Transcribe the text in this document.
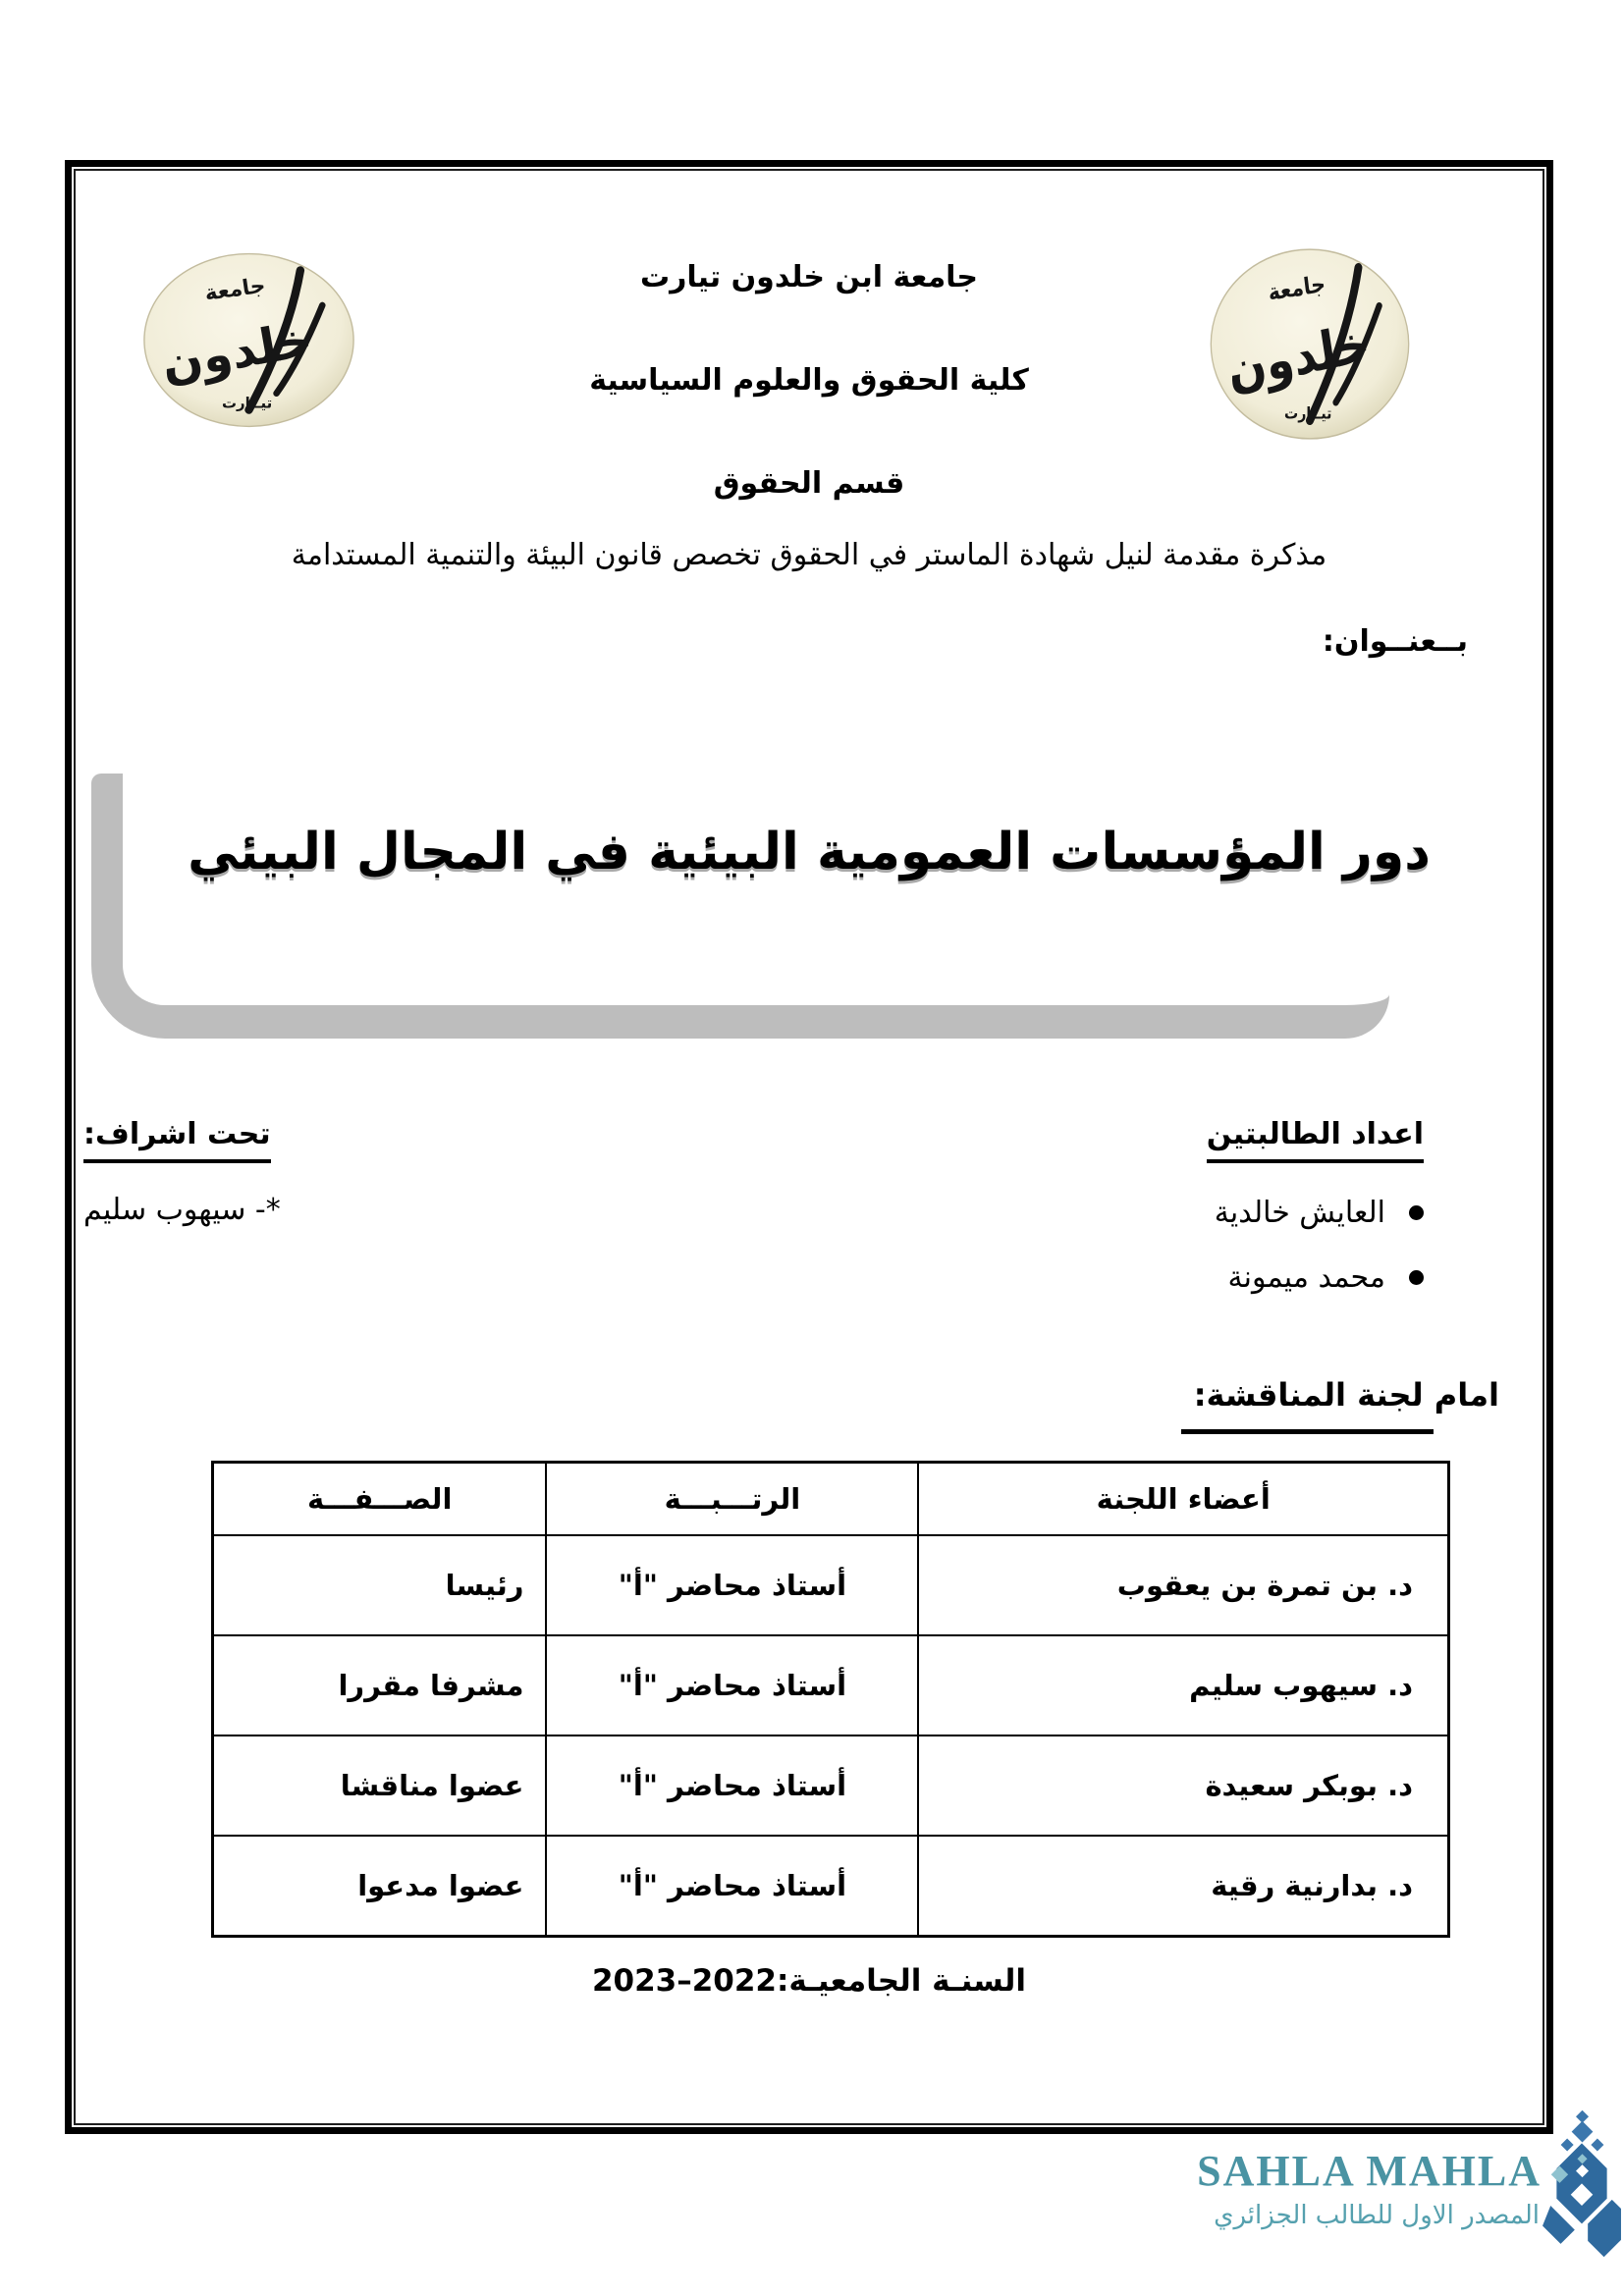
جامعة
خلدون
تيــارت
جامعة
خلدون
تيــارت
جامعة ابن خلدون تيارت
كلية الحقوق والعلوم السياسية
قسم الحقوق
مذكرة مقدمة لنيل شهادة الماستر في الحقوق تخصص قانون البيئة والتنمية المستدامة
بــعنــوان:
دور المؤسسات العمومية البيئية في المجال البيئي
اعداد الطالبتين
العايش خالدية
محمد ميمونة
تحت اشراف:
*- سيهوب سليم
امام لجنة المناقشة:
أعضاء اللجنة	الرتـــبـــة	الصـــفـــة
د. بن تمرة بن يعقوب	أستاذ محاضر "أ"	رئيسا
د. سيهوب سليم	أستاذ محاضر "أ"	مشرفا مقررا
د. بوبكر سعيدة	أستاذ محاضر "أ"	عضوا مناقشا
د. بدارنية رقية	أستاذ محاضر "أ"	عضوا مدعوا
السنـة الجامعيـة:2022–2023
SAHLA MAHLA
المصدر الاول للطالب الجزائري
